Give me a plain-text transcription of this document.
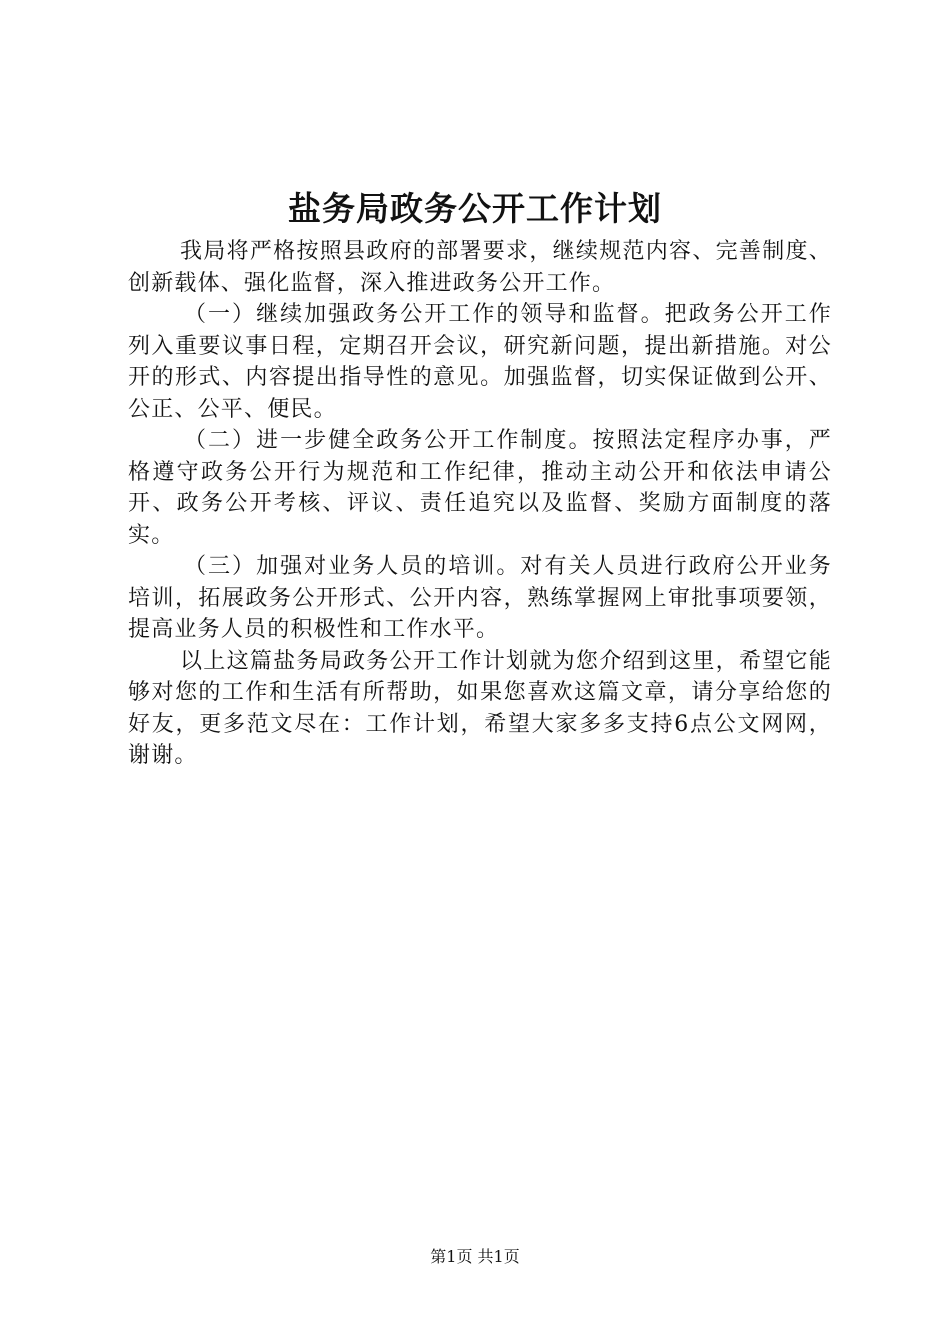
盐务局政务公开工作计划

我局将严格按照县政府的部署要求，继续规范内容、完善制度、创新载体、强化监督，深入推进政务公开工作。

（一）继续加强政务公开工作的领导和监督。把政务公开工作列入重要议事日程，定期召开会议，研究新问题，提出新措施。对公开的形式、内容提出指导性的意见。加强监督，切实保证做到公开、公正、公平、便民。

（二）进一步健全政务公开工作制度。按照法定程序办事，严格遵守政务公开行为规范和工作纪律，推动主动公开和依法申请公开、政务公开考核、评议、责任追究以及监督、奖励方面制度的落实。

（三）加强对业务人员的培训。对有关人员进行政府公开业务培训，拓展政务公开形式、公开内容，熟练掌握网上审批事项要领，提高业务人员的积极性和工作水平。

以上这篇盐务局政务公开工作计划就为您介绍到这里，希望它能够对您的工作和生活有所帮助，如果您喜欢这篇文章，请分享给您的好友，更多范文尽在：工作计划，希望大家多多支持6点公文网网，谢谢。

第1页 共1页
